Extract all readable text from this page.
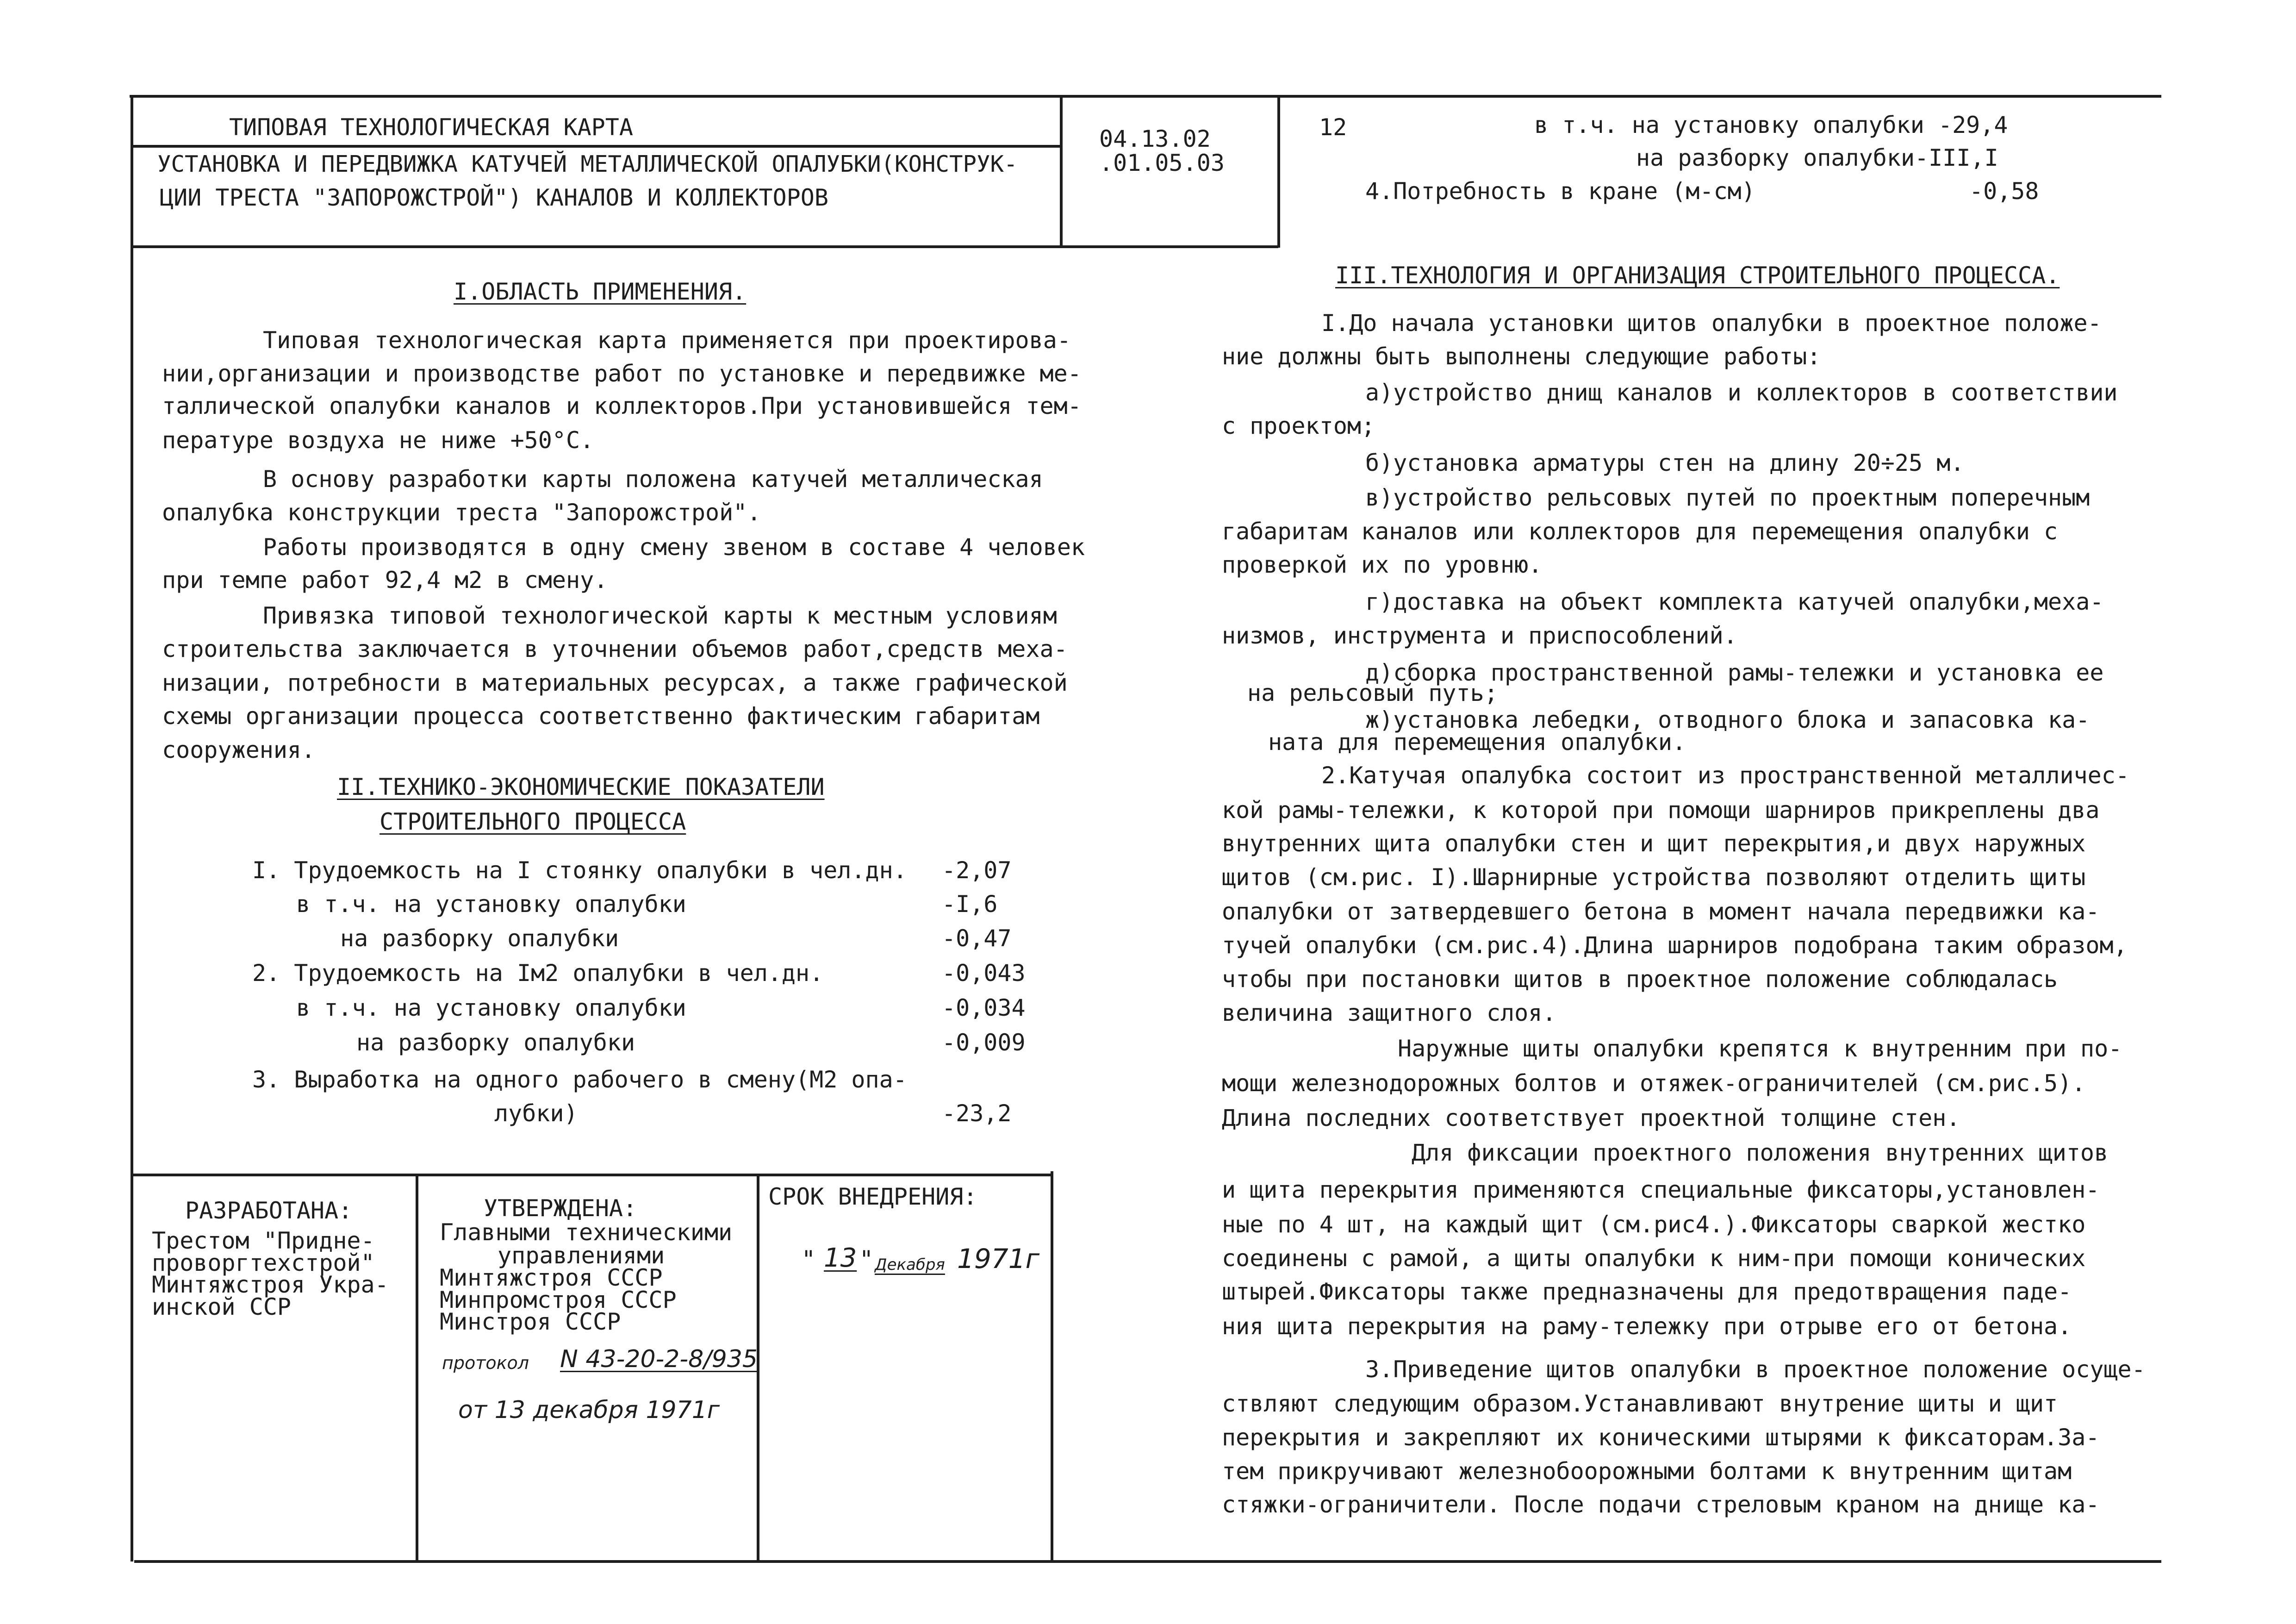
ТИПОВАЯ ТЕХНОЛОГИЧЕСКАЯ КАРТА
УСТАНОВКА И ПЕРЕДВИЖКА КАТУЧЕЙ МЕТАЛЛИЧЕСКОЙ ОПАЛУБКИ(КОНСТРУК-
ЦИИ ТРЕСТА "ЗАПОРОЖСТРОЙ") КАНАЛОВ И КОЛЛЕКТОРОВ
04.13.02
.01.05.03
12	в т.ч. на установку опалубки -29,4
на разборку опалубки-III,I
4.Потребность в кране (м-см)	-0,58
I.ОБЛАСТЬ ПРИМЕНЕНИЯ.
Типовая технологическая карта применяется при проектирова-
нии,организации и производстве работ по установке и передвижке ме-
таллической опалубки каналов и коллекторов.При установившейся тем-
пературе воздуха не ниже +50°С.
В основу разработки карты положена катучей металлическая
опалубка конструкции треста "Запорожстрой".
Работы производятся в одну смену звеном в составе 4 человек
при темпе работ 92,4 м2 в смену.
Привязка типовой технологической карты к местным условиям
строительства заключается в уточнении объемов работ,средств меха-
низации, потребности в материальных ресурсах, а также графической
схемы организации процесса соответственно фактическим габаритам
сооружения.
II.ТЕХНИКО-ЭКОНОМИЧЕСКИЕ ПОКАЗАТЕЛИ
СТРОИТЕЛЬНОГО ПРОЦЕССА
I. Трудоемкость на I стоянку опалубки в чел.дн. -2,07
в т.ч. на установку опалубки	-I,6
на разборку опалубки	-0,47
2. Трудоемкость на Iм2 опалубки в чел.дн.	-0,043
в т.ч. на установку опалубки	-0,034
на разборку опалубки	-0,009
3. Выработка на одного рабочего в смену(М2 опа-
лубки)	-23,2
РАЗРАБОТАНА:
Трестом "Придне-
проворгтехстрой"
Минтяжстроя Укра-
инской ССР
УТВЕРЖДЕНА:
Главными техническими
управлениями
Минтяжстроя СССР
Минпромстроя СССР
Минстроя СССР
протокол N 43-20-2-8/935
от 13 декабря 1971г
СРОК ВНЕДРЕНИЯ:
" 13 " Декабря 1971г
III.ТЕХНОЛОГИЯ И ОРГАНИЗАЦИЯ СТРОИТЕЛЬНОГО ПРОЦЕССА.
I.До начала установки щитов опалубки в проектное положе-
ние должны быть выполнены следующие работы:
а)устройство днищ каналов и коллекторов в соответствии
с проектом;
б)установка арматуры стен на длину 20÷25 м.
в)устройство рельсовых путей по проектным поперечным
габаритам каналов или коллекторов для перемещения опалубки с
проверкой их по уровню.
г)доставка на объект комплекта катучей опалубки,меха-
низмов, инструмента и приспособлений.
д)сборка пространственной рамы-тележки и установка ее
на рельсовый путь;
ж)установка лебедки, отводного блока и запасовка ка-
ната для перемещения опалубки.
2.Катучая опалубка состоит из пространственной металличес-
кой рамы-тележки, к которой при помощи шарниров прикреплены два
внутренних щита опалубки стен и щит перекрытия,и двух наружных
щитов (см.рис. I).Шарнирные устройства позволяют отделить щиты
опалубки от затвердевшего бетона в момент начала передвижки ка-
тучей опалубки (см.рис.4).Длина шарниров подобрана таким образом,
чтобы при постановки щитов в проектное положение соблюдалась
величина защитного слоя.
Наружные щиты опалубки крепятся к внутренним при по-
мощи железнодорожных болтов и отяжек-ограничителей (см.рис.5).
Длина последних соответствует проектной толщине стен.
Для фиксации проектного положения внутренних щитов
и щита перекрытия применяются специальные фиксаторы,установлен-
ные по 4 шт, на каждый щит (см.рис4.).Фиксаторы сваркой жестко
соединены с рамой, а щиты опалубки к ним-при помощи конических
штырей.Фиксаторы также предназначены для предотвращения паде-
ния щита перекрытия на раму-тележку при отрыве его от бетона.
3.Приведение щитов опалубки в проектное положение осуще-
ствляют следующим образом.Устанавливают внутрение щиты и щит
перекрытия и закрепляют их коническими штырями к фиксаторам.За-
тем прикручивают железнобоорожными болтами к внутренним щитам
стяжки-ограничители. После подачи стреловым краном на днище ка-
